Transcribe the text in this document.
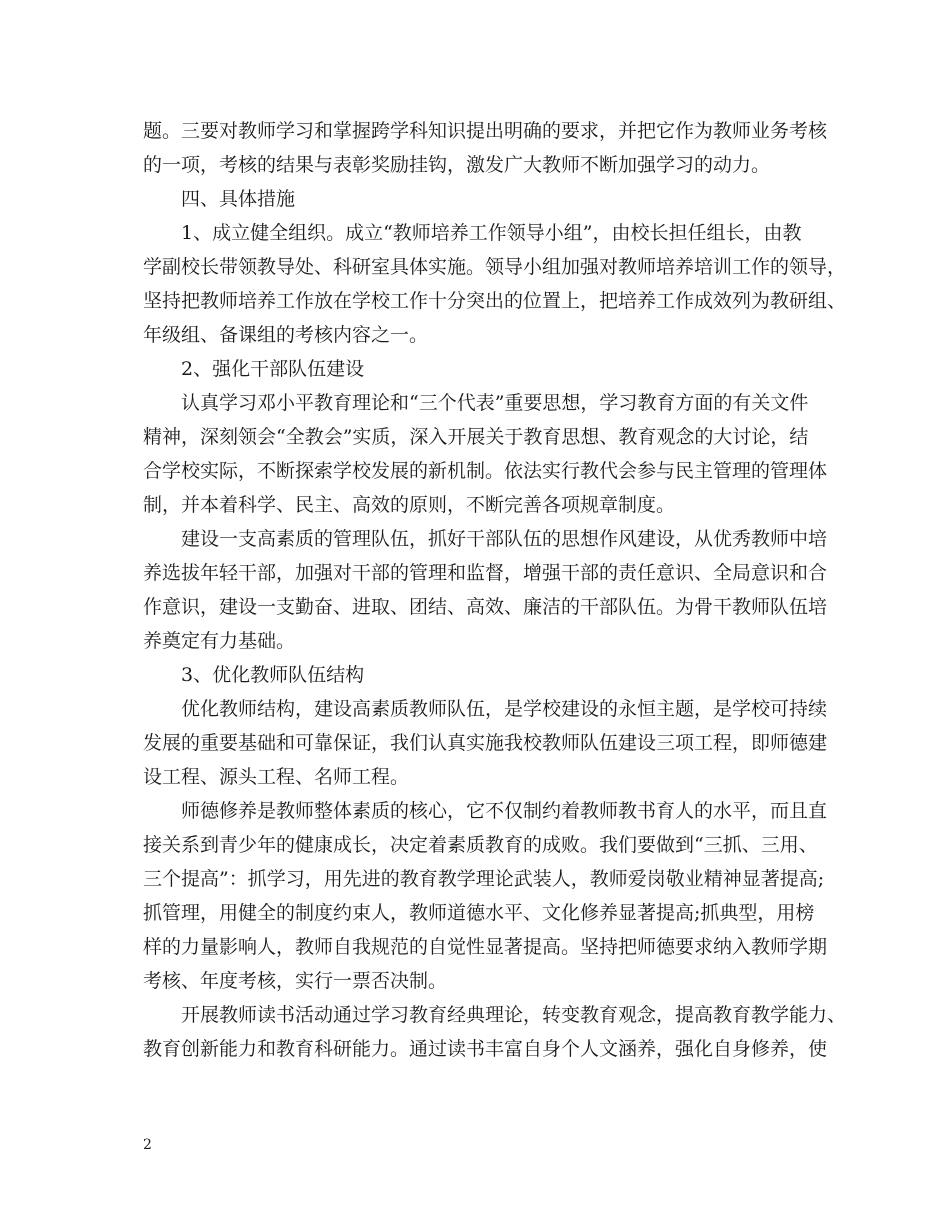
题。三要对教师学习和掌握跨学科知识提出明确的要求，并把它作为教师业务考核
的一项，考核的结果与表彰奖励挂钩，激发广大教师不断加强学习的动力。
四、具体措施
1、成立健全组织。成立“教师培养工作领导小组”，由校长担任组长，由教
学副校长带领教导处、科研室具体实施。领导小组加强对教师培养培训工作的领导，
坚持把教师培养工作放在学校工作十分突出的位置上，把培养工作成效列为教研组、
年级组、备课组的考核内容之一。
2、强化干部队伍建设
认真学习邓小平教育理论和“三个代表”重要思想，学习教育方面的有关文件
精神，深刻领会“全教会”实质，深入开展关于教育思想、教育观念的大讨论，结
合学校实际，不断探索学校发展的新机制。依法实行教代会参与民主管理的管理体
制，并本着科学、民主、高效的原则，不断完善各项规章制度。
建设一支高素质的管理队伍，抓好干部队伍的思想作风建设，从优秀教师中培
养选拔年轻干部，加强对干部的管理和监督，增强干部的责任意识、全局意识和合
作意识，建设一支勤奋、进取、团结、高效、廉洁的干部队伍。为骨干教师队伍培
养奠定有力基础。
3、优化教师队伍结构
优化教师结构，建设高素质教师队伍，是学校建设的永恒主题，是学校可持续
发展的重要基础和可靠保证，我们认真实施我校教师队伍建设三项工程，即师德建
设工程、源头工程、名师工程。
师德修养是教师整体素质的核心，它不仅制约着教师教书育人的水平，而且直
接关系到青少年的健康成长，决定着素质教育的成败。我们要做到“三抓、三用、
三个提高”：抓学习，用先进的教育教学理论武装人，教师爱岗敬业精神显著提高;
抓管理，用健全的制度约束人，教师道德水平、文化修养显著提高;抓典型，用榜
样的力量影响人，教师自我规范的自觉性显著提高。坚持把师德要求纳入教师学期
考核、年度考核，实行一票否决制。
开展教师读书活动通过学习教育经典理论，转变教育观念，提高教育教学能力、
教育创新能力和教育科研能力。通过读书丰富自身个人文涵养，强化自身修养，使
2
